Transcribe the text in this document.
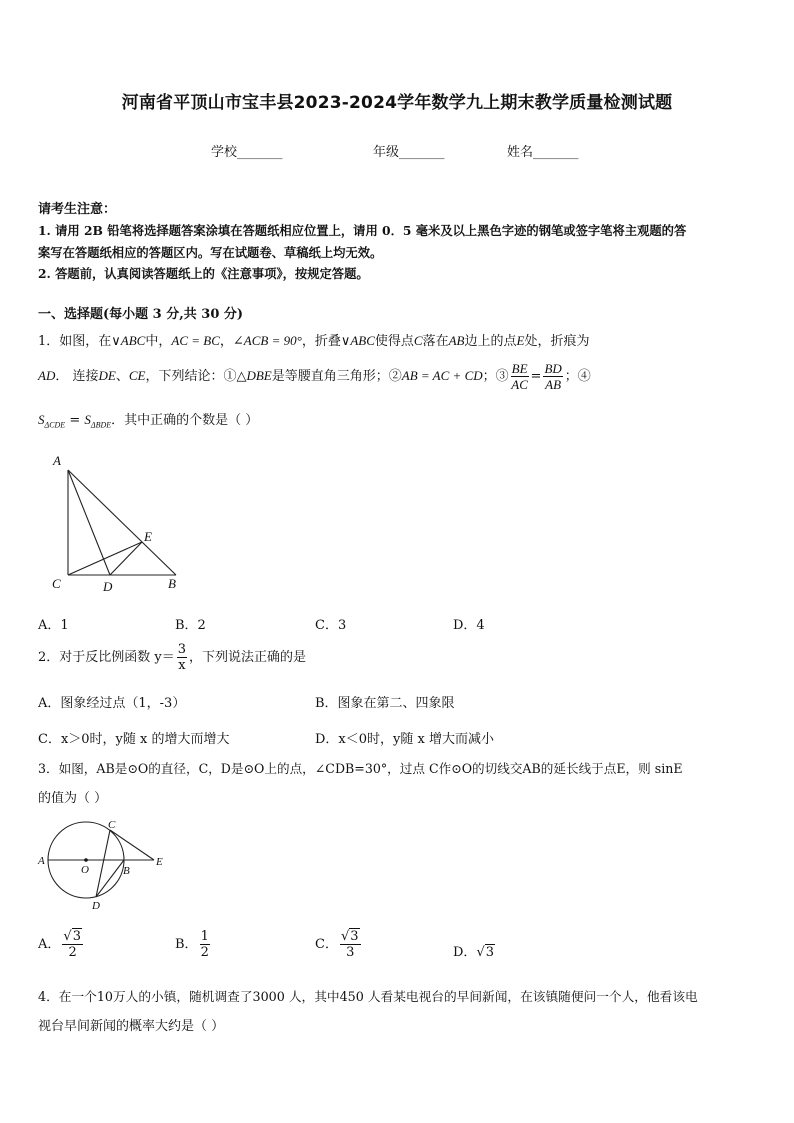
河南省平顶山市宝丰县2023-2024学年数学九上期末教学质量检测试题
学校_______	年级_______	姓名_______
请考生注意：
1. 请用 2B 铅笔将选择题答案涂填在答题纸相应位置上，请用 0．5 毫米及以上黑色字迹的钢笔或签字笔将主观题的答
案写在答题纸相应的答题区内。写在试题卷、草稿纸上均无效。
2. 答题前，认真阅读答题纸上的《注意事项》，按规定答题。
一、选择题(每小题 3 分,共 30 分)
1．如图，在∨ABC中，AC = BC，∠ACB = 90°，折叠∨ABC使得点C落在AB边上的点E处，折痕为
AD． 连接DE、CE，下列结论：①△DBE是等腰直角三角形；②AB = AC + CD；③ $\frac{BE}{AC} = \frac{BD}{AB}$ ；④
$S_{\Delta CDE} = S_{\Delta BDE}$．其中正确的个数是（ ）
A
C	D	B
E
A．1	B．2	C．3	D．4
2．对于反比例函数 $y= \frac{3}{x}$ ，下列说法正确的是
A．图象经过点（1，-3）	B．图象在第二、四象限
C．x＞0时，y随 x 的增大而增大	D．x＜0时，y随 x 增大而减小
3．如图，AB是⊙O的直径，C，D是⊙O上的点，∠CDB=30°，过点 C作⊙O的切线交AB的延长线于点E，则 sinE
的值为（ ）
A
O	B
C
D
E
A． $\frac{√3}{2}$	B． $\frac{1}{2}$	C． $\frac{√3}{3}$	D．√3
4．在一个10万人的小镇，随机调查了3000 人，其中450 人看某电视台的早间新闻，在该镇随便问一个人，他看该电
视台早间新闻的概率大约是（ ）
